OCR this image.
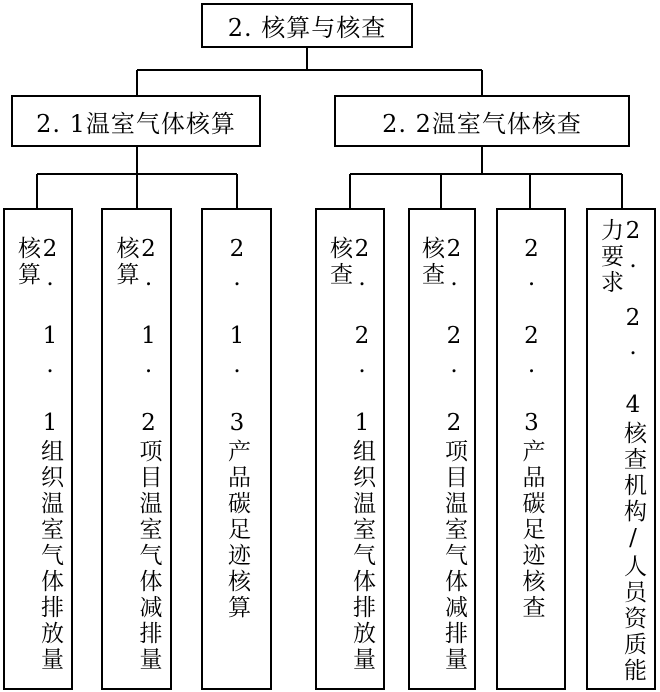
2. 核算与核查
2. 1温室气体核算	2. 2温室气体核查
2. 1. 1组织温室气体排放量核算	2. 1. 2项目温室气体减排量核算	2. 1. 3产品碳足迹核算	2. 2. 1组织温室气体排放量核查	2. 2. 2项目温室气体减排量核查	2. 2. 3产品碳足迹核查	2. 2. 4核查机构/人员资质能力要求
